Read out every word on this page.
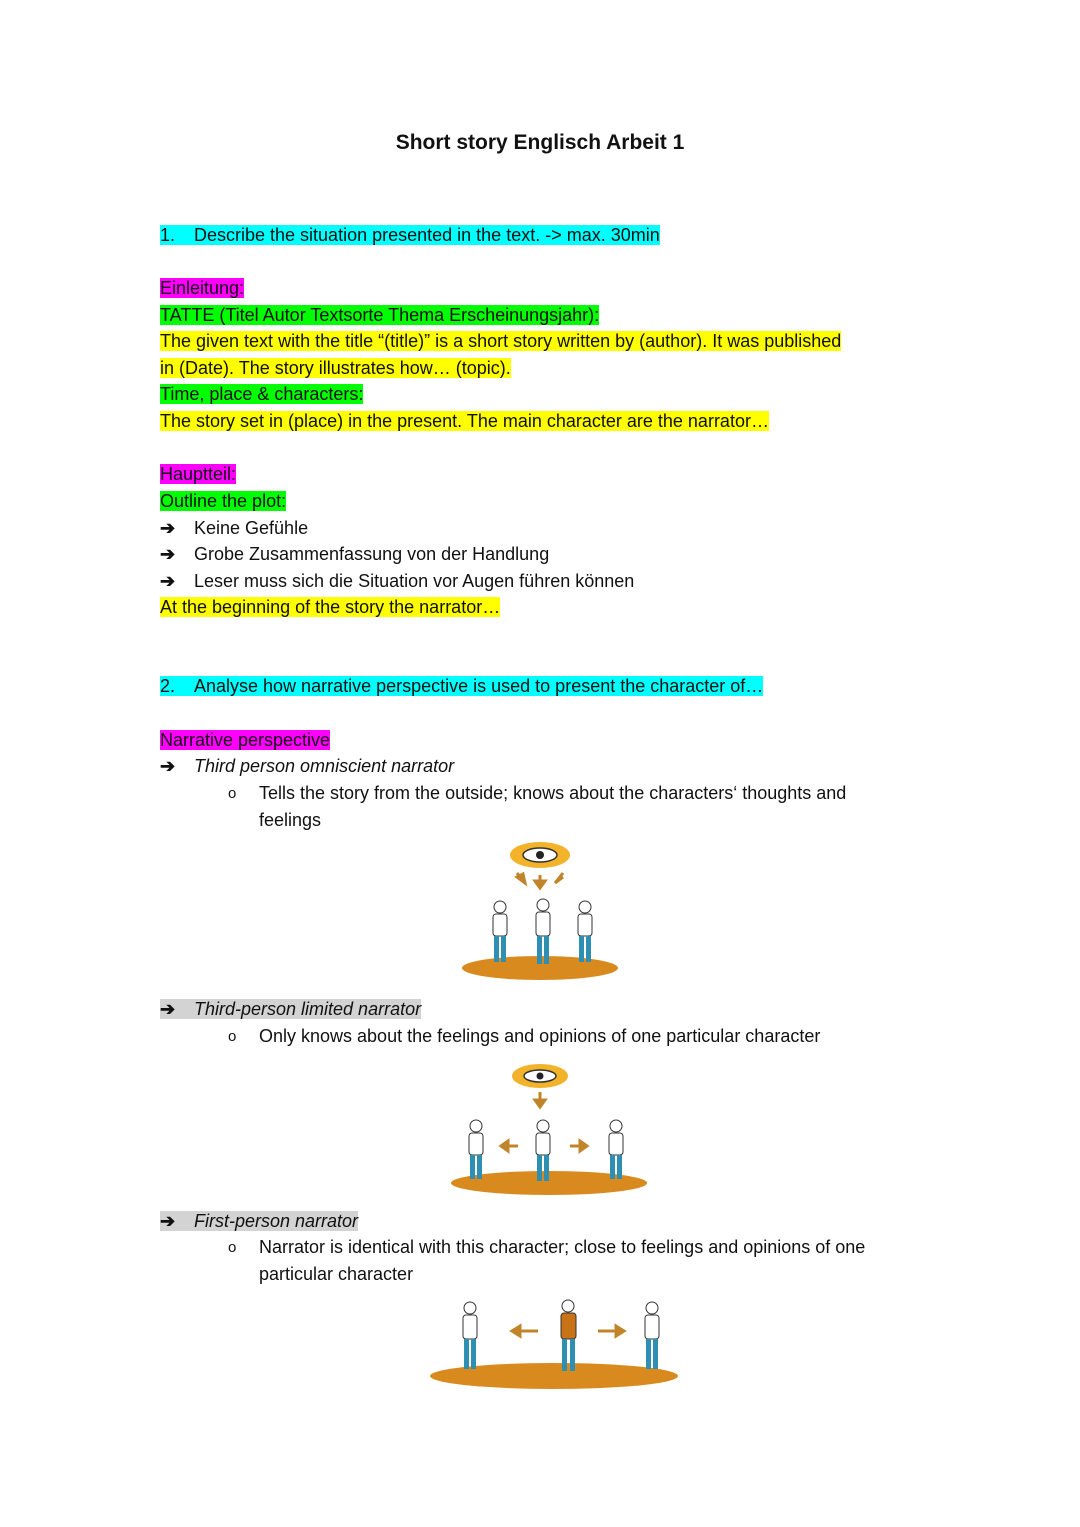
Short story Englisch Arbeit 1
1. Describe the situation presented in the text. -> max. 30min
Einleitung:
TATTE (Titel Autor Textsorte Thema Erscheinungsjahr):
The given text with the title “(title)” is a short story written by (author). It was published
in (Date). The story illustrates how… (topic).
Time, place & characters:
The story set in (place) in the present. The main character are the narrator…
Hauptteil:
Outline the plot:
➔ Keine Gefühle
➔ Grobe Zusammenfassung von der Handlung
➔ Leser muss sich die Situation vor Augen führen können
At the beginning of the story the narrator…
2. Analyse how narrative perspective is used to present the character of…
Narrative perspective
➔ Third person omniscient narrator
o Tells the story from the outside; knows about the characters‘ thoughts and
feelings
➔ Third-person limited narrator
o Only knows about the feelings and opinions of one particular character
➔ First-person narrator
o Narrator is identical with this character; close to feelings and opinions of one
particular character
